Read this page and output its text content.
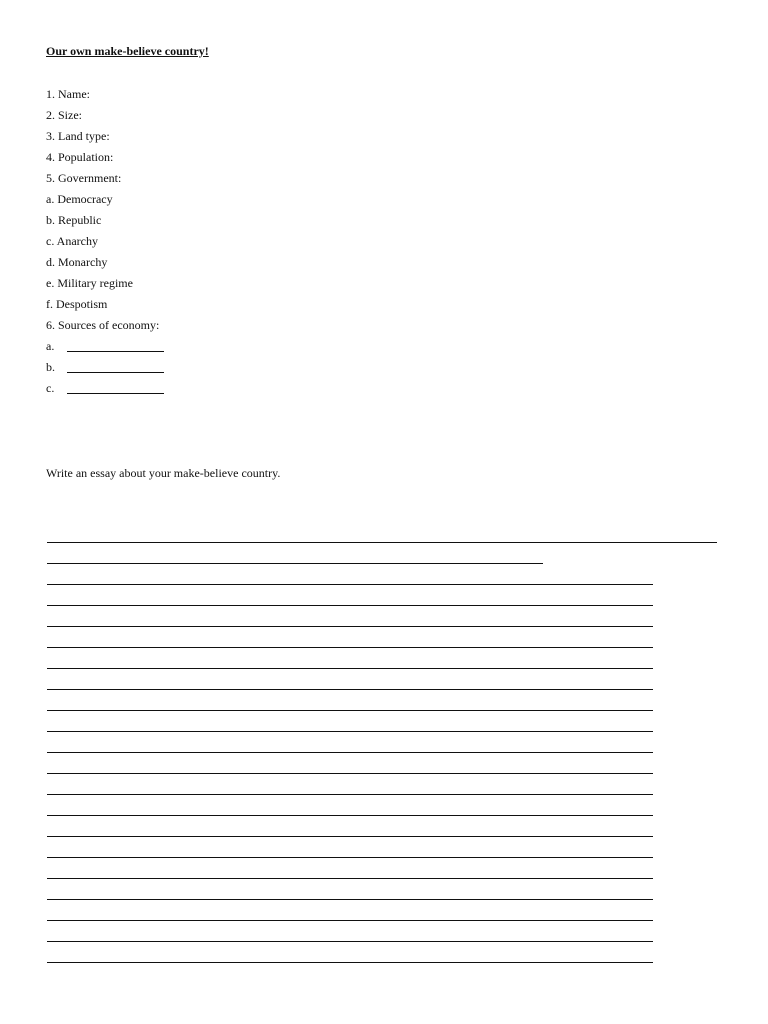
Our own make-believe country!
1. Name:
2. Size:
3. Land type:
4. Population:
5. Government:
a. Democracy
b. Republic
c. Anarchy
d. Monarchy
e. Military regime
f. Despotism
6. Sources of economy:
a.
b.
c.
Write an essay about your make-believe country.
